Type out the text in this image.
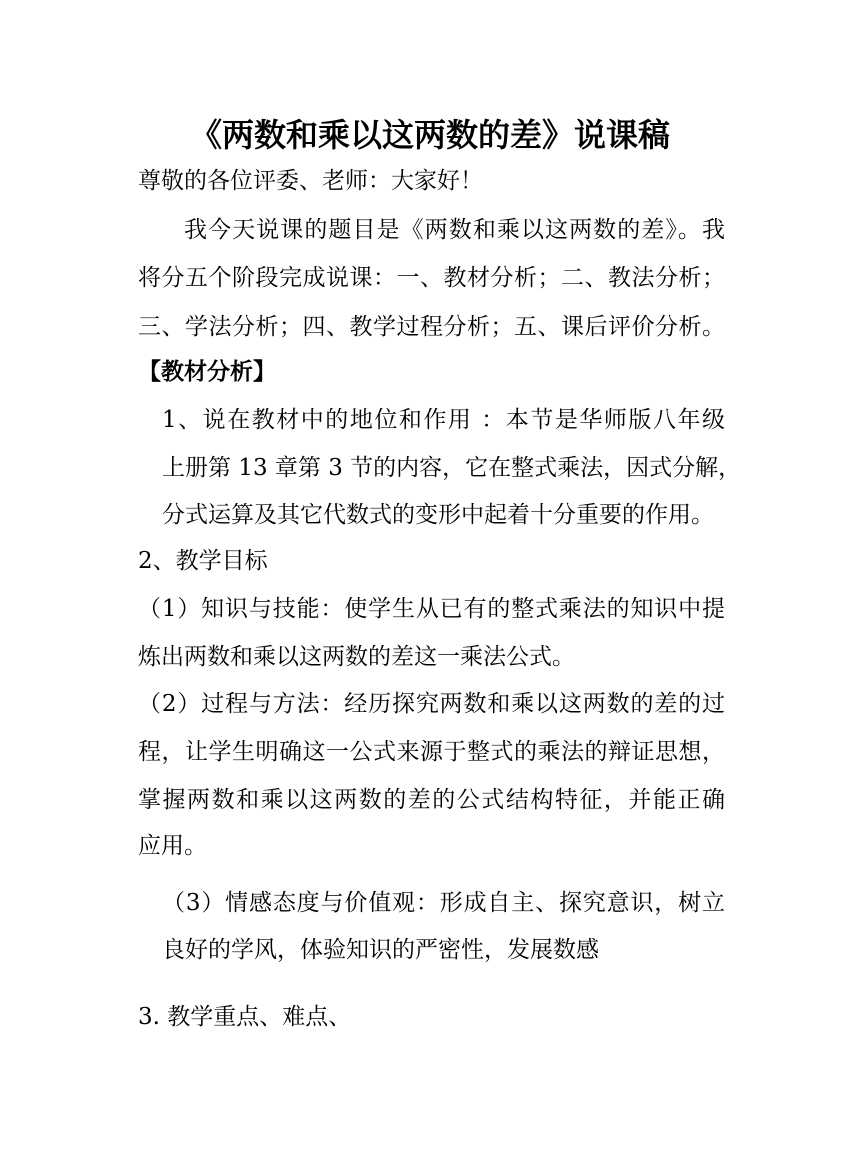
《两数和乘以这两数的差》说课稿
尊敬的各位评委、老师：大家好！
我今天说课的题目是《两数和乘以这两数的差》。我
将分五个阶段完成说课：一、教材分析；二、教法分析；
三、学法分析；四、教学过程分析；五、课后评价分析。
【教材分析】
1、说在教材中的地位和作用 ：本节是华师版八年级
上册第 13 章第 3 节的内容，它在整式乘法，因式分解，
分式运算及其它代数式的变形中起着十分重要的作用。
2、教学目标
（1）知识与技能：使学生从已有的整式乘法的知识中提
炼出两数和乘以这两数的差这一乘法公式。
（2）过程与方法：经历探究两数和乘以这两数的差的过
程，让学生明确这一公式来源于整式的乘法的辩证思想，
掌握两数和乘以这两数的差的公式结构特征，并能正确
应用。
（3）情感态度与价值观：形成自主、探究意识，树立
良好的学风，体验知识的严密性，发展数感
3. 教学重点、难点、
